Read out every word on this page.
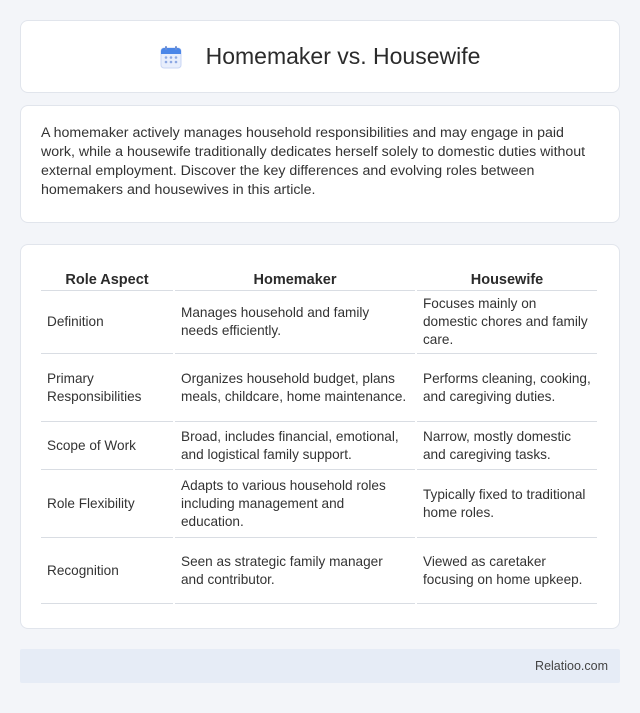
Homemaker vs. Housewife

A homemaker actively manages household responsibilities and may engage in paid work, while a housewife traditionally dedicates herself solely to domestic duties without external employment. Discover the key differences and evolving roles between homemakers and housewives in this article.

Role Aspect	Homemaker	Housewife
Definition	Manages household and family needs efficiently.	Focuses mainly on domestic chores and family care.
Primary Responsibilities	Organizes household budget, plans meals, childcare, home maintenance.	Performs cleaning, cooking, and caregiving duties.
Scope of Work	Broad, includes financial, emotional, and logistical family support.	Narrow, mostly domestic and caregiving tasks.
Role Flexibility	Adapts to various household roles including management and education.	Typically fixed to traditional home roles.
Recognition	Seen as strategic family manager and contributor.	Viewed as caretaker focusing on home upkeep.
Relatioo.com
